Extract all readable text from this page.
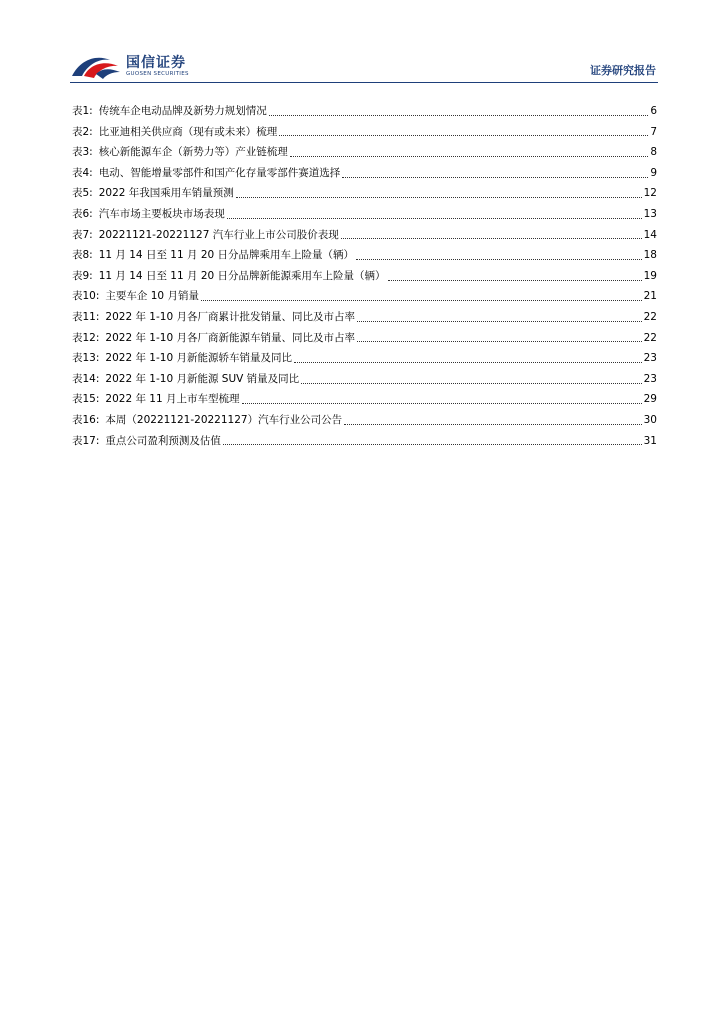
国信证券
GUOSEN SECURITIES	证券研究报告
表1: 传统车企电动品牌及新势力规划情况	6
表2: 比亚迪相关供应商（现有或未来）梳理	7
表3: 核心新能源车企（新势力等）产业链梳理	8
表4: 电动、智能增量零部件和国产化存量零部件赛道选择	9
表5: 2022 年我国乘用车销量预测	12
表6: 汽车市场主要板块市场表现	13
表7: 20221121-20221127 汽车行业上市公司股价表现	14
表8: 11 月 14 日至 11 月 20 日分品牌乘用车上险量（辆）	18
表9: 11 月 14 日至 11 月 20 日分品牌新能源乘用车上险量（辆）	19
表10: 主要车企 10 月销量	21
表11: 2022 年 1-10 月各厂商累计批发销量、同比及市占率	22
表12: 2022 年 1-10 月各厂商新能源车销量、同比及市占率	22
表13: 2022 年 1-10 月新能源轿车销量及同比	23
表14: 2022 年 1-10 月新能源 SUV 销量及同比	23
表15: 2022 年 11 月上市车型梳理	29
表16: 本周（20221121-20221127）汽车行业公司公告	30
表17: 重点公司盈利预测及估值	31
